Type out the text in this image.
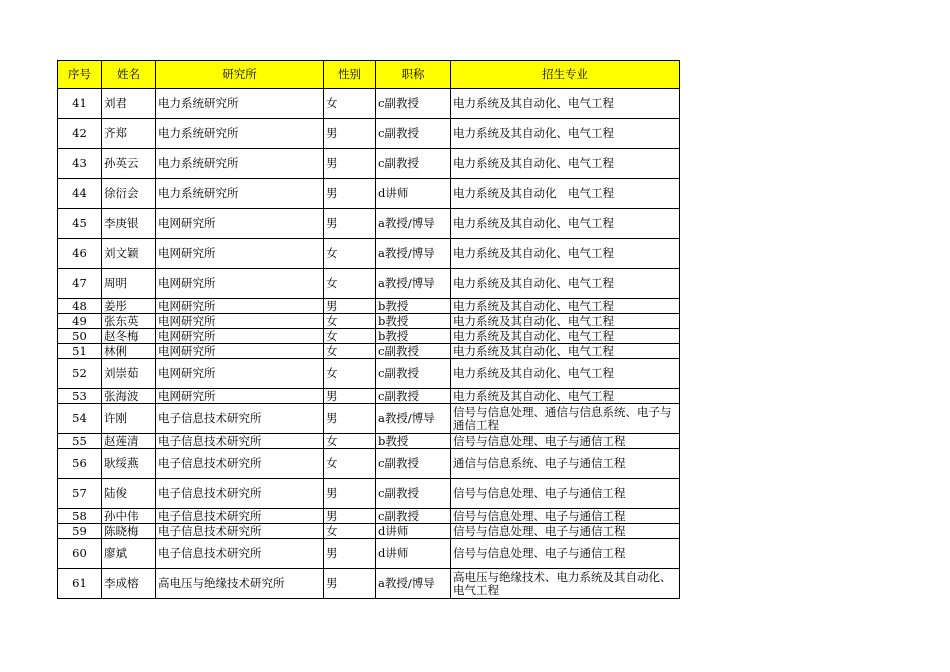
序号	姓名	研究所	性别	职称	招生专业
41	刘君	电力系统研究所	女	c副教授	电力系统及其自动化、电气工程
42	齐郑	电力系统研究所	男	c副教授	电力系统及其自动化、电气工程
43	孙英云	电力系统研究所	男	c副教授	电力系统及其自动化、电气工程
44	徐衍会	电力系统研究所	男	d讲师	电力系统及其自动化　电气工程
45	李庚银	电网研究所	男	a教授/博导	电力系统及其自动化、电气工程
46	刘文颖	电网研究所	女	a教授/博导	电力系统及其自动化、电气工程
47	周明	电网研究所	女	a教授/博导	电力系统及其自动化、电气工程
48	姜彤	电网研究所	男	b教授	电力系统及其自动化、电气工程
49	张东英	电网研究所	女	b教授	电力系统及其自动化、电气工程
50	赵冬梅	电网研究所	女	b教授	电力系统及其自动化、电气工程
51	林俐	电网研究所	女	c副教授	电力系统及其自动化、电气工程
52	刘崇茹	电网研究所	女	c副教授	电力系统及其自动化、电气工程
53	张海波	电网研究所	男	c副教授	电力系统及其自动化、电气工程
54	许刚	电子信息技术研究所	男	a教授/博导	信号与信息处理、通信与信息系统、电子与通信工程
55	赵莲清	电子信息技术研究所	女	b教授	信号与信息处理、电子与通信工程
56	耿绥燕	电子信息技术研究所	女	c副教授	通信与信息系统、电子与通信工程
57	陆俊	电子信息技术研究所	男	c副教授	信号与信息处理、电子与通信工程
58	孙中伟	电子信息技术研究所	男	c副教授	信号与信息处理、电子与通信工程
59	陈晓梅	电子信息技术研究所	女	d讲师	信号与信息处理、电子与通信工程
60	廖斌	电子信息技术研究所	男	d讲师	信号与信息处理、电子与通信工程
61	李成榕	高电压与绝缘技术研究所	男	a教授/博导	高电压与绝缘技术、电力系统及其自动化、电气工程
